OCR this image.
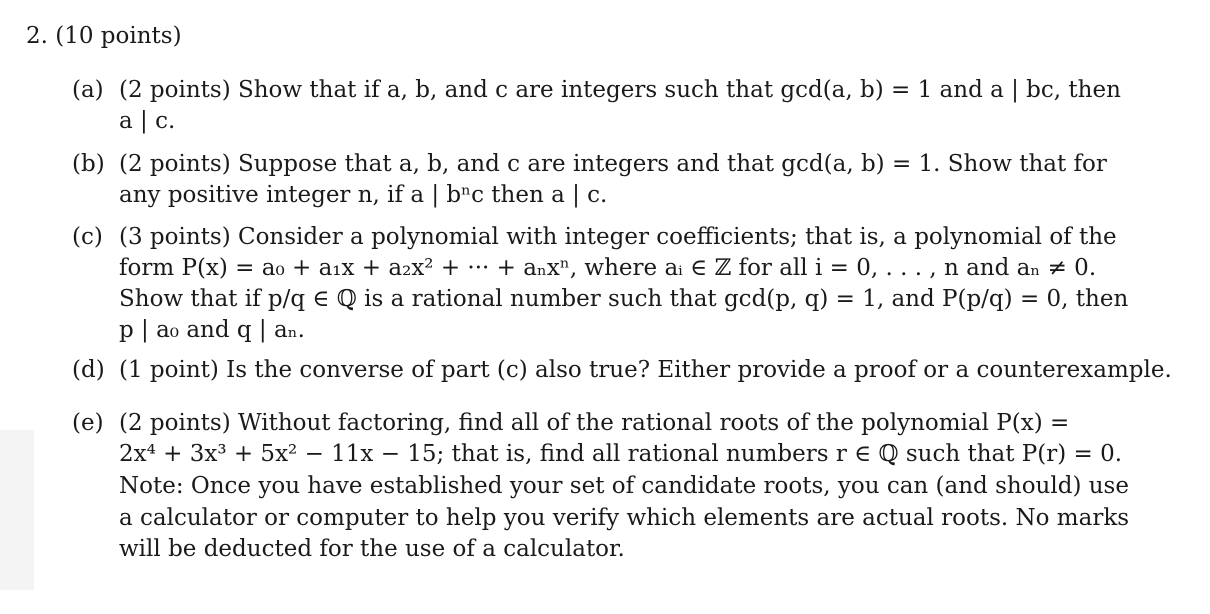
2. (10 points)
(a) (2 points) Show that if a, b, and c are integers such that gcd(a, b) = 1 and a | bc, then
a | c.
(b) (2 points) Suppose that a, b, and c are integers and that gcd(a, b) = 1. Show that for
any positive integer n, if a | bⁿc then a | c.
(c) (3 points) Consider a polynomial with integer coefficients; that is, a polynomial of the
form P(x) = a₀ + a₁x + a₂x² + ··· + aₙxⁿ, where aᵢ ∈ ℤ for all i = 0, . . . , n and aₙ ≠ 0.
Show that if p/q ∈ ℚ is a rational number such that gcd(p, q) = 1, and P(p/q) = 0, then
p | a₀ and q | aₙ.
(d) (1 point) Is the converse of part (c) also true? Either provide a proof or a counterexample.
(e) (2 points) Without factoring, find all of the rational roots of the polynomial P(x) =
2x⁴ + 3x³ + 5x² − 11x − 15; that is, find all rational numbers r ∈ ℚ such that P(r) = 0.
Note: Once you have established your set of candidate roots, you can (and should) use
a calculator or computer to help you verify which elements are actual roots. No marks
will be deducted for the use of a calculator.
